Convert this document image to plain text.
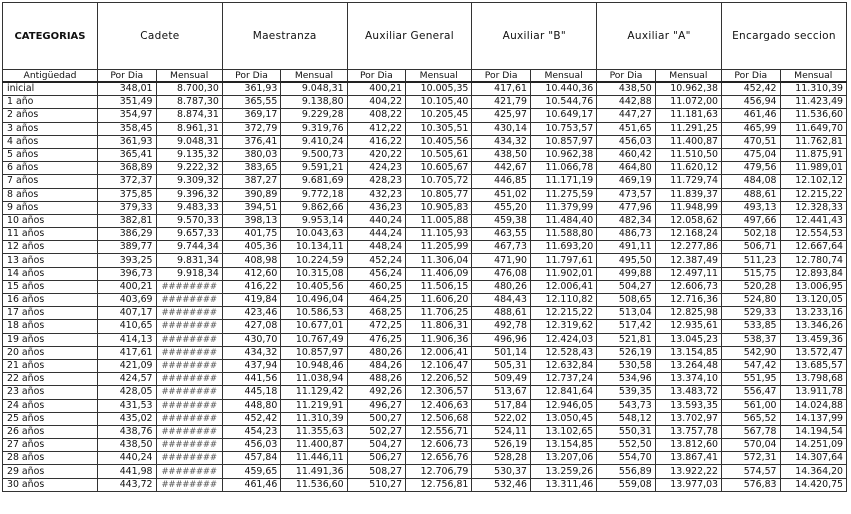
CATEGORIAS	Cadete		Maestranza		Auxiliar General		Auxiliar "B"		Auxiliar "A"		Encargado seccion	
Antigüedad	Por Dia	Mensual	Por Dia	Mensual	Por Dia	Mensual	Por Dia	Mensual	Por Dia	Mensual	Por Dia	Mensual
inicial	348,01	8.700,30	361,93	9.048,31	400,21	10.005,35	417,61	10.440,36	438,50	10.962,38	452,42	11.310,39
1 año	351,49	8.787,30	365,55	9.138,80	404,22	10.105,40	421,79	10.544,76	442,88	11.072,00	456,94	11.423,49
2 años	354,97	8.874,31	369,17	9.229,28	408,22	10.205,45	425,97	10.649,17	447,27	11.181,63	461,46	11.536,60
3 años	358,45	8.961,31	372,79	9.319,76	412,22	10.305,51	430,14	10.753,57	451,65	11.291,25	465,99	11.649,70
4 años	361,93	9.048,31	376,41	9.410,24	416,22	10.405,56	434,32	10.857,97	456,03	11.400,87	470,51	11.762,81
5 años	365,41	9.135,32	380,03	9.500,73	420,22	10.505,61	438,50	10.962,38	460,42	11.510,50	475,04	11.875,91
6 años	368,89	9.222,32	383,65	9.591,21	424,23	10.605,67	442,67	11.066,78	464,80	11.620,12	479,56	11.989,01
7 años	372,37	9.309,32	387,27	9.681,69	428,23	10.705,72	446,85	11.171,19	469,19	11.729,74	484,08	12.102,12
8 años	375,85	9.396,32	390,89	9.772,18	432,23	10.805,77	451,02	11.275,59	473,57	11.839,37	488,61	12.215,22
9 años	379,33	9.483,33	394,51	9.862,66	436,23	10.905,83	455,20	11.379,99	477,96	11.948,99	493,13	12.328,33
10 años	382,81	9.570,33	398,13	9.953,14	440,24	11.005,88	459,38	11.484,40	482,34	12.058,62	497,66	12.441,43
11 años	386,29	9.657,33	401,75	10.043,63	444,24	11.105,93	463,55	11.588,80	486,73	12.168,24	502,18	12.554,53
12 años	389,77	9.744,34	405,36	10.134,11	448,24	11.205,99	467,73	11.693,20	491,11	12.277,86	506,71	12.667,64
13 años	393,25	9.831,34	408,98	10.224,59	452,24	11.306,04	471,90	11.797,61	495,50	12.387,49	511,23	12.780,74
14 años	396,73	9.918,34	412,60	10.315,08	456,24	11.406,09	476,08	11.902,01	499,88	12.497,11	515,75	12.893,84
15 años	400,21	########	416,22	10.405,56	460,25	11.506,15	480,26	12.006,41	504,27	12.606,73	520,28	13.006,95
16 años	403,69	########	419,84	10.496,04	464,25	11.606,20	484,43	12.110,82	508,65	12.716,36	524,80	13.120,05
17 años	407,17	########	423,46	10.586,53	468,25	11.706,25	488,61	12.215,22	513,04	12.825,98	529,33	13.233,16
18 años	410,65	########	427,08	10.677,01	472,25	11.806,31	492,78	12.319,62	517,42	12.935,61	533,85	13.346,26
19 años	414,13	########	430,70	10.767,49	476,25	11.906,36	496,96	12.424,03	521,81	13.045,23	538,37	13.459,36
20 años	417,61	########	434,32	10.857,97	480,26	12.006,41	501,14	12.528,43	526,19	13.154,85	542,90	13.572,47
21 años	421,09	########	437,94	10.948,46	484,26	12.106,47	505,31	12.632,84	530,58	13.264,48	547,42	13.685,57
22 años	424,57	########	441,56	11.038,94	488,26	12.206,52	509,49	12.737,24	534,96	13.374,10	551,95	13.798,68
23 años	428,05	########	445,18	11.129,42	492,26	12.306,57	513,67	12.841,64	539,35	13.483,72	556,47	13.911,78
24 años	431,53	########	448,80	11.219,91	496,27	12.406,63	517,84	12.946,05	543,73	13.593,35	561,00	14.024,88
25 años	435,02	########	452,42	11.310,39	500,27	12.506,68	522,02	13.050,45	548,12	13.702,97	565,52	14.137,99
26 años	438,76	########	454,23	11.355,63	502,27	12.556,71	524,11	13.102,65	550,31	13.757,78	567,78	14.194,54
27 años	438,50	########	456,03	11.400,87	504,27	12.606,73	526,19	13.154,85	552,50	13.812,60	570,04	14.251,09
28 años	440,24	########	457,84	11.446,11	506,27	12.656,76	528,28	13.207,06	554,70	13.867,41	572,31	14.307,64
29 años	441,98	########	459,65	11.491,36	508,27	12.706,79	530,37	13.259,26	556,89	13.922,22	574,57	14.364,20
30 años	443,72	########	461,46	11.536,60	510,27	12.756,81	532,46	13.311,46	559,08	13.977,03	576,83	14.420,75
